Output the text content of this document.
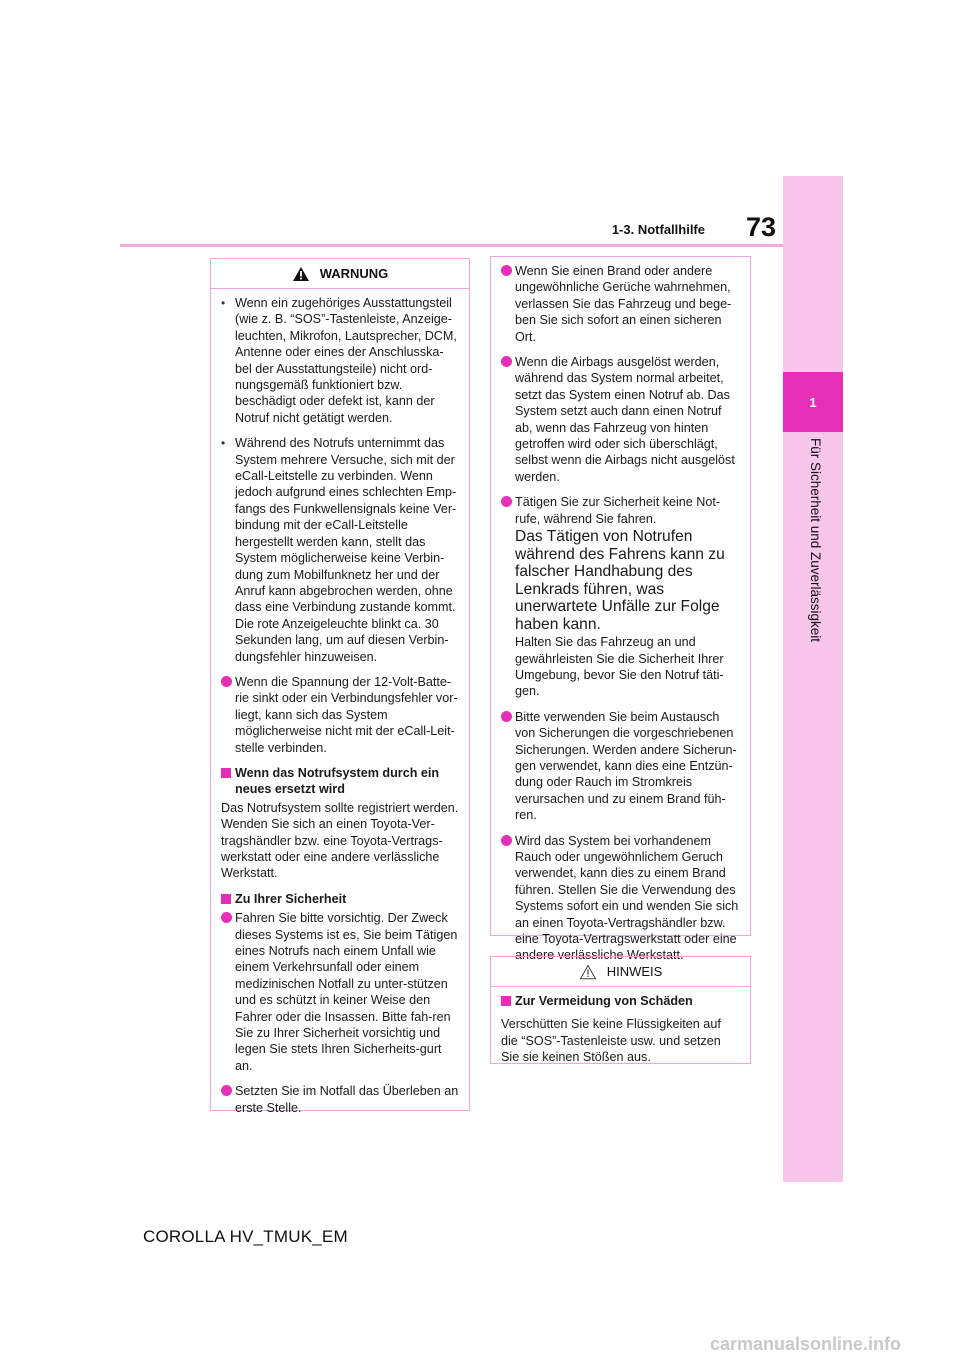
1-3. Notfallhilfe	73
1
Für Sicherheit und Zuverlässigkeit
WARNUNG
• Wenn ein zugehöriges Ausstattungsteil (wie z. B. “SOS”-Tastenleiste, Anzeige-leuchten, Mikrofon, Lautsprecher, DCM, Antenne oder eines der Anschlusska-bel der Ausstattungsteile) nicht ord-nungsgemäß funktioniert bzw. beschädigt oder defekt ist, kann der Notruf nicht getätigt werden.
• Während des Notrufs unternimmt das System mehrere Versuche, sich mit der eCall-Leitstelle zu verbinden. Wenn jedoch aufgrund eines schlechten Emp-fangs des Funkwellensignals keine Ver-bindung mit der eCall-Leitstelle hergestellt werden kann, stellt das System möglicherweise keine Verbin-dung zum Mobilfunknetz her und der Anruf kann abgebrochen werden, ohne dass eine Verbindung zustande kommt. Die rote Anzeigeleuchte blinkt ca. 30 Sekunden lang, um auf diesen Verbin-dungsfehler hinzuweisen.
Wenn die Spannung der 12-Volt-Batte-rie sinkt oder ein Verbindungsfehler vor-liegt, kann sich das System möglicherweise nicht mit der eCall-Leit-stelle verbinden.
Wenn das Notrufsystem durch ein neues ersetzt wird
Das Notrufsystem sollte registriert werden. Wenden Sie sich an einen Toyota-Ver-tragshändler bzw. eine Toyota-Vertrags-werkstatt oder eine andere verlässliche Werkstatt.
Zu Ihrer Sicherheit
Fahren Sie bitte vorsichtig. Der Zweck dieses Systems ist es, Sie beim Tätigen eines Notrufs nach einem Unfall wie einem Verkehrsunfall oder einem medizinischen Notfall zu unter-stützen und es schützt in keiner Weise den Fahrer oder die Insassen. Bitte fah-ren Sie zu Ihrer Sicherheit vorsichtig und legen Sie stets Ihren Sicherheits-gurt an.
Setzten Sie im Notfall das Überleben an erste Stelle.
Wenn Sie einen Brand oder andere ungewöhnliche Gerüche wahrnehmen, verlassen Sie das Fahrzeug und bege-ben Sie sich sofort an einen sicheren Ort.
Wenn die Airbags ausgelöst werden, während das System normal arbeitet, setzt das System einen Notruf ab. Das System setzt auch dann einen Notruf ab, wenn das Fahrzeug von hinten getroffen wird oder sich überschlägt, selbst wenn die Airbags nicht ausgelöst werden.
Tätigen Sie zur Sicherheit keine Not-rufe, während Sie fahren.
Das Tätigen von Notrufen während des Fahrens kann zu falscher Handhabung des Lenkrads führen, was unerwartete Unfälle zur Folge haben kann.
Halten Sie das Fahrzeug an und gewährleisten Sie die Sicherheit Ihrer Umgebung, bevor Sie den Notruf täti-gen.
Bitte verwenden Sie beim Austausch von Sicherungen die vorgeschriebenen Sicherungen. Werden andere Sicherun-gen verwendet, kann dies eine Entzün-dung oder Rauch im Stromkreis verursachen und zu einem Brand füh-ren.
Wird das System bei vorhandenem Rauch oder ungewöhnlichem Geruch verwendet, kann dies zu einem Brand führen. Stellen Sie die Verwendung des Systems sofort ein und wenden Sie sich an einen Toyota-Vertragshändler bzw. eine Toyota-Vertragswerkstatt oder eine andere verlässliche Werkstatt.
HINWEIS
Zur Vermeidung von Schäden
Verschütten Sie keine Flüssigkeiten auf die “SOS”-Tastenleiste usw. und setzen Sie sie keinen Stößen aus.
COROLLA HV_TMUK_EM
carmanualsonline.info
